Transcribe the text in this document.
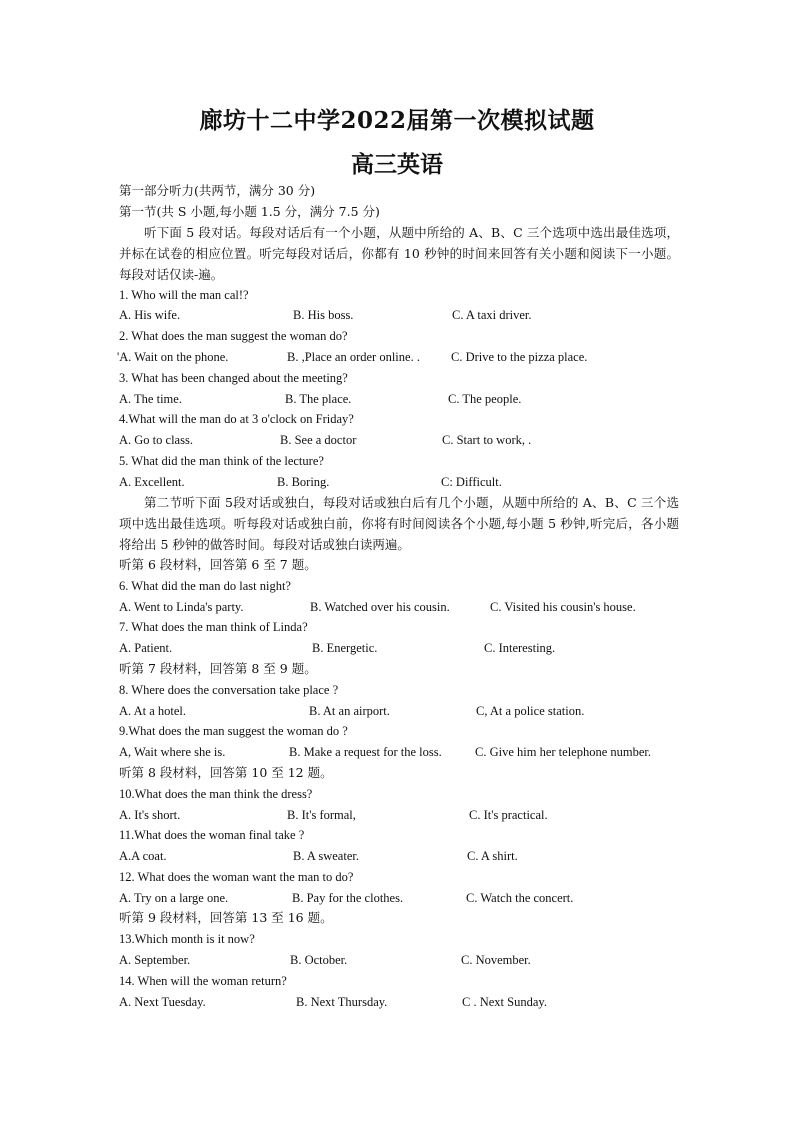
廊坊十二中学2022届第一次模拟试题
高三英语
第一部分听力(共两节，满分 30 分)
第一节(共 S 小题,每小题 1.5 分，满分 7.5 分)
听下面 5 段对话。每段对话后有一个小题，从题中所给的 A、B、C 三个选项中选出最佳选项，并标在试卷的相应位置。听完每段对话后，你都有 10 秒钟的时间来回答有关小题和阅读下一小题。每段对话仅读-遍。
1. Who will the man cal!?
A. His wife.	B. His boss.	C. A taxi driver.
2. What does the man suggest the woman do?
'A. Wait on the phone.	B. ,Place an order online. . C. Drive to the pizza place.
3. What has been changed about the meeting?
A. The time.	B. The place.	C. The people.
4.What will the man do at 3 o'clock on Friday?
A. Go to class.	B. See a doctor	C. Start to work, .
5. What did the man think of the lecture?
A. Excellent.	B. Boring.	C: Difficult.
第二节听下面 5段对话或独白，每段对话或独白后有几个小题，从题中所给的 A、B、C 三个选项中选出最佳选项。听每段对话或独白前，你将有时间阅读各个小题,每小题 5 秒钟,听完后，各小题将给出 5 秒钟的做答时间。每段对话或独白读两遍。
听第 6 段材料，回答第 6 至 7 题。
6. What did the man do last night?
A. Went to Linda's party.	B. Watched over his cousin.	C. Visited his cousin's house.
7. What does the man think of Linda?
A. Patient.	B. Energetic.	C. Interesting.
听第 7 段材料，回答第 8 至 9 题。
8. Where does the conversation take place ?
A. At a hotel.	B. At an airport.	C, At a police station.
9.What does the man suggest the woman do ?
A, Wait where she is.	B. Make a request for the loss.	C. Give him her telephone number.
听第 8 段材料，回答第 10 至 12 题。
10.What does the man think the dress?
A. It's short.	B. It's formal,	C. It's practical.
11.What does the woman final take ?
A.A coat.	B. A sweater.	C. A shirt.
12. What does the woman want the man to do?
A. Try on a large one.	B. Pay for the clothes.	C. Watch the concert.
听第 9 段材料，回答第 13 至 16 题。
13.Which month is it now?
A. September.	B. October.	C. November.
14. When will the woman return?
A. Next Tuesday.	B. Next Thursday.	C . Next Sunday.
